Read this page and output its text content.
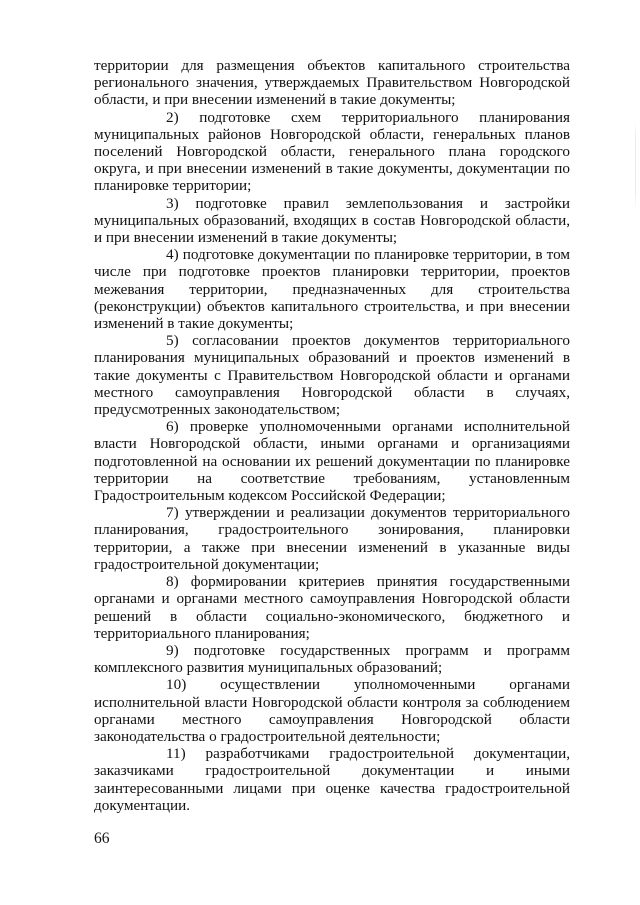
территории для размещения объектов капитального строительства регионального значения, утверждаемых Правительством Новгородской области, и при внесении изменений в такие документы;

2) подготовке схем территориального планирования муниципальных районов Новгородской области, генеральных планов поселений Новгородской области, генерального плана городского округа, и при внесении изменений в такие документы, документации по планировке территории;

3) подготовке правил землепользования и застройки муниципальных образований, входящих в состав Новгородской области, и при внесении изменений в такие документы;

4) подготовке документации по планировке территории, в том числе при подготовке проектов планировки территории, проектов межевания территории, предназначенных для строительства (реконструкции) объектов капитального строительства, и при внесении изменений в такие документы;

5) согласовании проектов документов территориального планирования муниципальных образований и проектов изменений в такие документы с Правительством Новгородской области и органами местного самоуправления Новгородской области в случаях, предусмотренных законодательством;

6) проверке уполномоченными органами исполнительной власти Новгородской области, иными органами и организациями подготовленной на основании их решений документации по планировке территории на соответствие требованиям, установленным Градостроительным кодексом Российской Федерации;

7) утверждении и реализации документов территориального планирования, градостроительного зонирования, планировки территории, а также при внесении изменений в указанные виды градостроительной документации;

8) формировании критериев принятия государственными органами и органами местного самоуправления Новгородской области решений в области социально-экономического, бюджетного и территориального планирования;

9) подготовке государственных программ и программ комплексного развития муниципальных образований;

10) осуществлении уполномоченными органами исполнительной власти Новгородской области контроля за соблюдением органами местного самоуправления Новгородской области законодательства о градостроительной деятельности;

11) разработчиками градостроительной документации, заказчиками градостроительной документации и иными заинтересованными лицами при оценке качества градостроительной документации.

66
